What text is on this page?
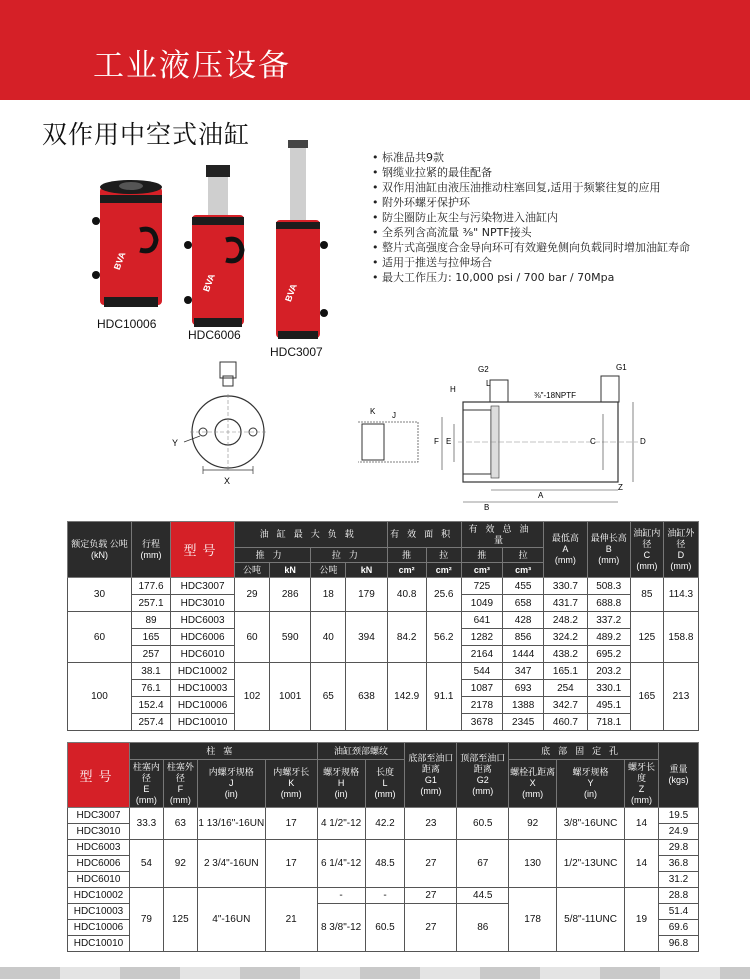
工业液压设备
双作用中空式油缸
BVA
BVA	BVA
HDC10006
HDC6006
HDC3007
• 标准品共9款
• 钢缆业拉紧的最佳配备
• 双作用油缸由液压油推动柱塞回复,适用于频繁往复的应用
• 附外环螺牙保护环
• 防尘圈防止灰尘与污染物进入油缸内
• 全系列含高流量 ⅜" NPTF接头
• 整片式高强度合金导向环可有效避免侧向负载同时增加油缸寿命
• 适用于推送与拉伸场合
• 最大工作压力: 10,000 psi / 700 bar / 70Mpa
Y
X
K J
F E
G2	G1
L
H
⅜"-18NPTF
C	D
Z
A
B
额定负载 公吨 (kN)	行程 (mm)	型号	油缸最大负载				有效面积		有效总油量		最低高
A
(mm)	最伸长高
B
(mm)	油缸内径
C
(mm)	油缸外径
D
(mm)
			推力		拉力		推	拉	推	拉				
			公吨	kN	公吨	kN	cm²	cm²	cm³	cm³				
30	177.6	HDC3007	29	286	18	179	40.8	25.6	725	455	330.7	508.3	85	114.3
	257.1	HDC3010							1049	658	431.7	688.8		
60	89	HDC6003	60	590	40	394	84.2	56.2	641	428	248.2	337.2	125	158.8
	165	HDC6006							1282	856	324.2	489.2		
	257	HDC6010							2164	1444	438.2	695.2		
100	38.1	HDC10002	102	1001	65	638	142.9	91.1	544	347	165.1	203.2	165	213
	76.1	HDC10003							1087	693	254	330.1		
	152.4	HDC10006							2178	1388	342.7	495.1		
	257.4	HDC10010							3678	2345	460.7	718.1		
型号	柱塞				油缸颈部螺纹		底部至油口距离
G1
(mm)	顶部至油口距离
G2
(mm)	底部固定孔			重量
(kgs)
	柱塞内径
E
(mm)	柱塞外径
F
(mm)	内螺牙规格
J
(in)	内螺牙长
K
(mm)	螺牙规格
H
(in)	长度
L
(mm)			螺栓孔距离
X
(mm)	螺牙规格
Y
(in)	螺牙长度
Z
(mm)	
HDC3007	33.3	63	1 13/16"-16UN	17	4 1/2"-12	42.2	23	60.5	92	3/8"-16UNC	14	19.5
HDC3010												24.9
HDC6003	54	92	2 3/4"-16UN	17	6 1/4"-12	48.5	27	67	130	1/2"-13UNC	14	29.8
HDC6006												36.8
HDC6010												31.2
HDC10002	79	125	4"-16UN	21	-	-	27	44.5	178	5/8"-11UNC	19	28.8
HDC10003					8 3/8"-12	60.5	27	86				51.4
HDC10006												69.6
HDC10010												96.8
